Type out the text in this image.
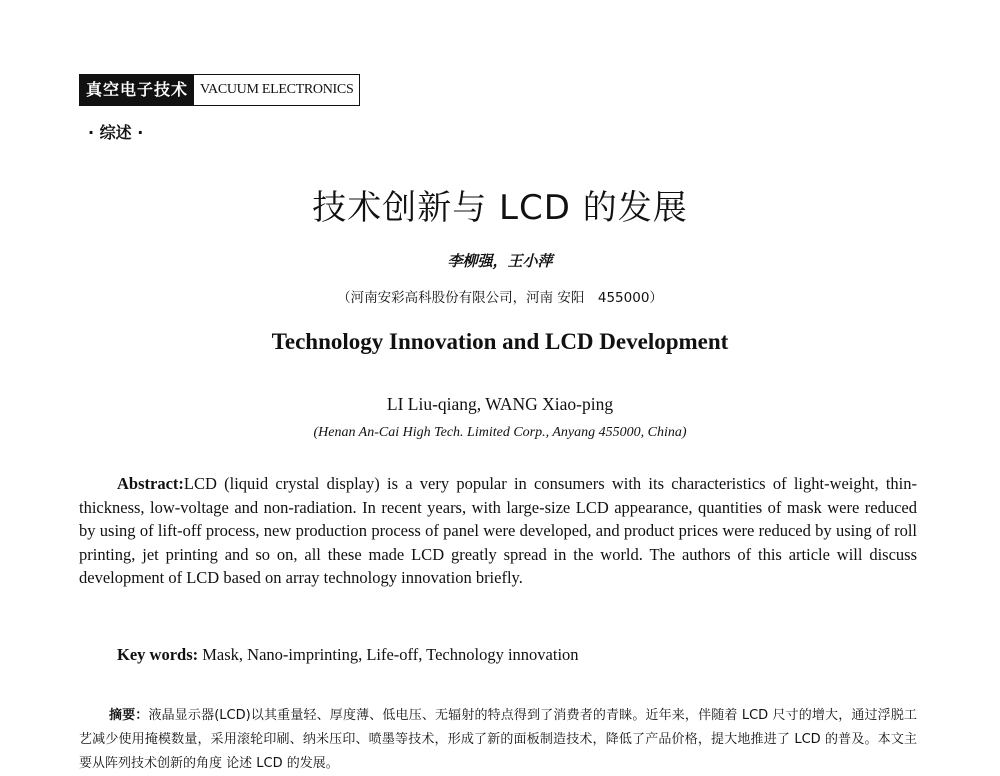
真空电子技术 VACUUM ELECTRONICS
· 综述 ·
技术创新与 LCD 的发展
李柳强，王小萍
（河南安彩高科股份有限公司，河南 安阳　455000）
Technology Innovation and LCD Development
LI Liu-qiang, WANG Xiao-ping
(Henan An-Cai High Tech. Limited Corp., Anyang 455000, China)

Abstract:LCD (liquid crystal display) is a very popular in consumers with its characteristics of light-weight, thin-thickness, low-voltage and non-radiation. In recent years, with large-size LCD appearance, quantities of mask were reduced by using of lift-off process, new production process of panel were developed, and product prices were reduced by using of roll printing, jet printing and so on, all these made LCD greatly spread in the world. The authors of this article will discuss development of LCD based on array technology innovation briefly.

Key words: Mask, Nano-imprinting, Life-off, Technology innovation

摘要：液晶显示器(LCD)以其重量轻、厚度薄、低电压、无辐射的特点得到了消费者的青睐。近年来，伴随着 LCD 尺寸的增大，通过浮脱工艺减少使用掩模数量，采用滚轮印刷、纳米压印、喷墨等技术，形成了新的面板制造技术，降低了产品价格，提大地推进了 LCD 的普及。本文主要从阵列技术创新的角度 论述 LCD 的发展。
